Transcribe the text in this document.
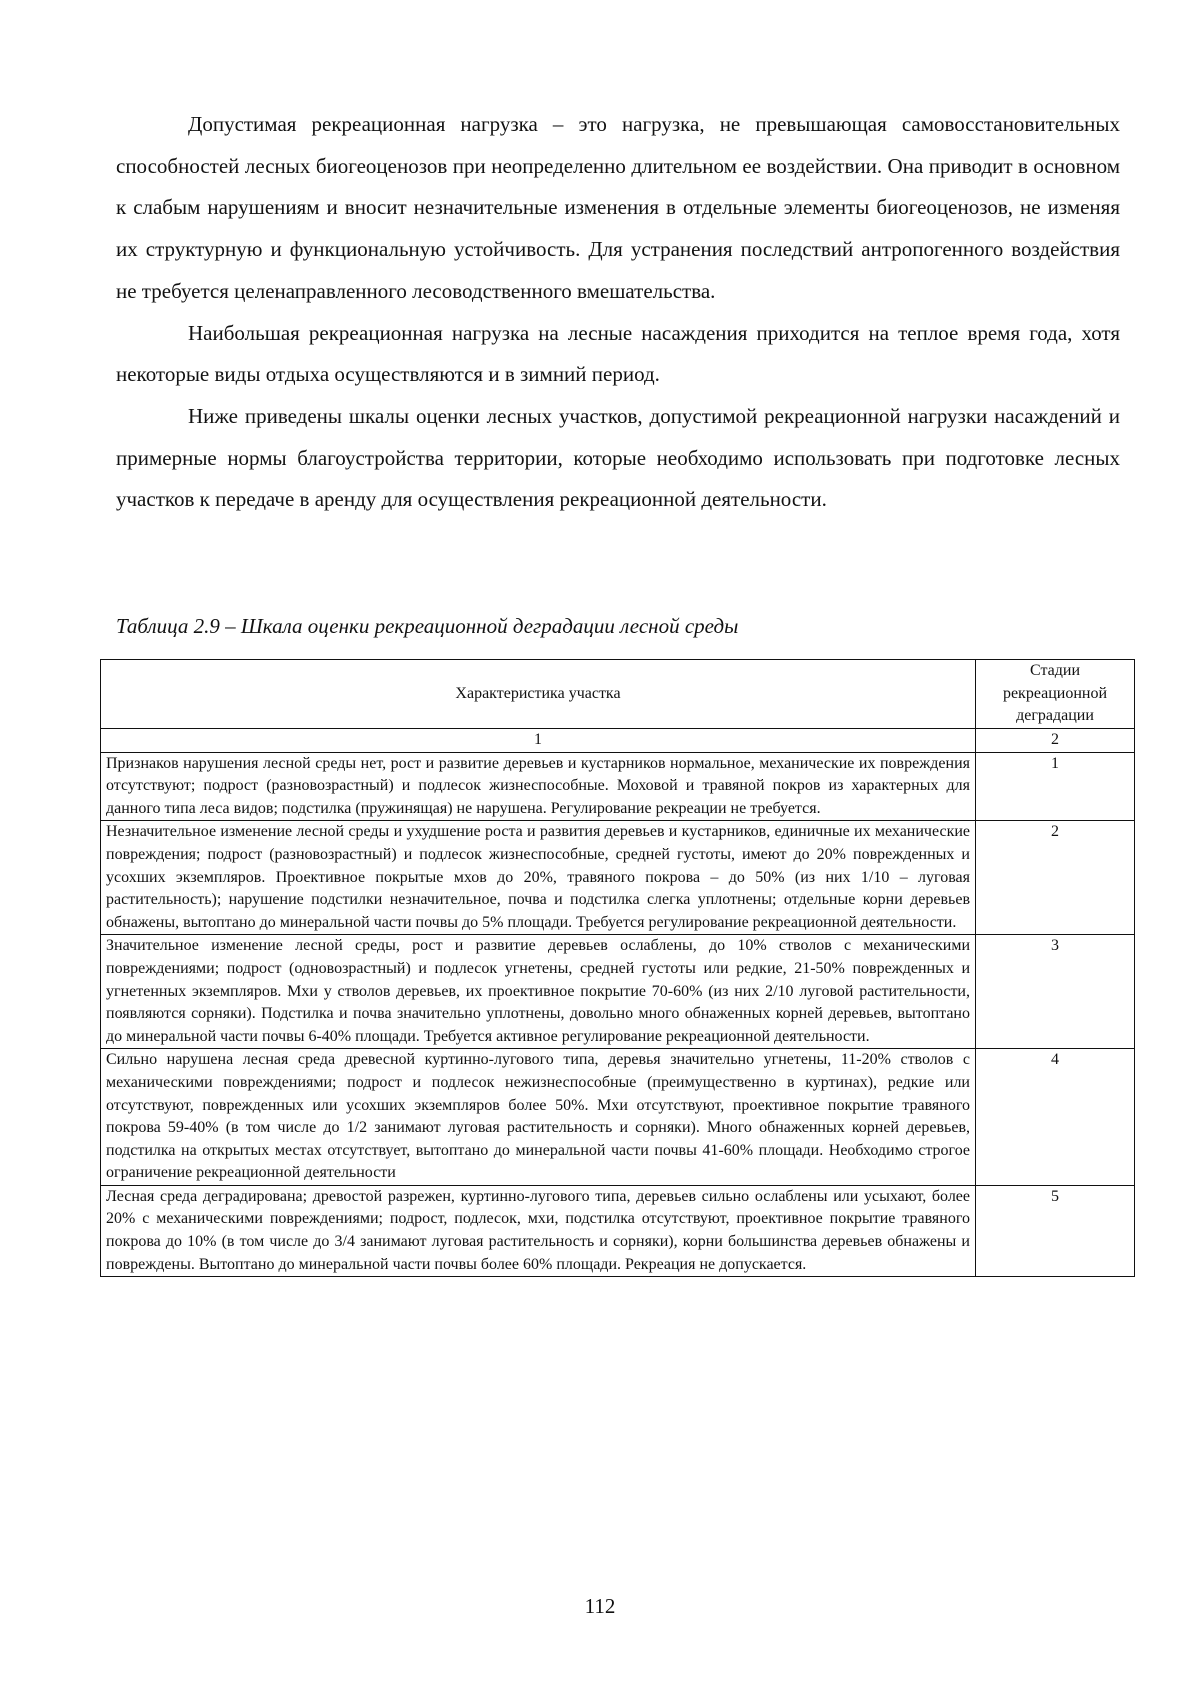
Допустимая рекреационная нагрузка – это нагрузка, не превышающая самовосстановительных способностей лесных биогеоценозов при неопределенно длительном ее воздействии. Она приводит в основном к слабым нарушениям и вносит незначительные изменения в отдельные элементы биогеоценозов, не изменяя их структурную и функциональную устойчивость. Для устранения последствий антропогенного воздействия не требуется целенаправленного лесоводственного вмешательства.

Наибольшая рекреационная нагрузка на лесные насаждения приходится на теплое время года, хотя некоторые виды отдыха осуществляются и в зимний период.

Ниже приведены шкалы оценки лесных участков, допустимой рекреационной нагрузки насаждений и примерные нормы благоустройства территории, которые необходимо использовать при подготовке лесных участков к передаче в аренду для осуществления рекреационной деятельности.

Таблица 2.9 – Шкала оценки рекреационной деградации лесной среды

Характеристика участка	Стадии рекреационной деградации
1	2
Признаков нарушения лесной среды нет, рост и развитие деревьев и кустарников нормальное, механические их повреждения отсутствуют; подрост (разновозрастный) и подлесок жизнеспособные. Моховой и травяной покров из характерных для данного типа леса видов; подстилка (пружинящая) не нарушена. Регулирование рекреации не требуется.	1
Незначительное изменение лесной среды и ухудшение роста и развития деревьев и кустарников, единичные их механические повреждения; подрост (разновозрастный) и подлесок жизнеспособные, средней густоты, имеют до 20% поврежденных и усохших экземпляров. Проективное покрытые мхов до 20%, травяного покрова – до 50% (из них 1/10 – луговая растительность); нарушение подстилки незначительное, почва и подстилка слегка уплотнены; отдельные корни деревьев обнажены, вытоптано до минеральной части почвы до 5% площади. Требуется регулирование рекреационной деятельности.	2
Значительное изменение лесной среды, рост и развитие деревьев ослаблены, до 10% стволов с механическими повреждениями; подрост (одновозрастный) и подлесок угнетены, средней густоты или редкие, 21-50% поврежденных и угнетенных экземпляров. Мхи у стволов деревьев, их проективное покрытие 70-60% (из них 2/10 луговой растительности, появляются сорняки). Подстилка и почва значительно уплотнены, довольно много обнаженных корней деревьев, вытоптано до минеральной части почвы 6-40% площади. Требуется активное регулирование рекреационной деятельности.	3
Сильно нарушена лесная среда древесной куртинно-лугового типа, деревья значительно угнетены, 11-20% стволов с механическими повреждениями; подрост и подлесок нежизнеспособные (преимущественно в куртинах), редкие или отсутствуют, поврежденных или усохших экземпляров более 50%. Мхи отсутствуют, проективное покрытие травяного покрова 59-40% (в том числе до 1/2 занимают луговая растительность и сорняки). Много обнаженных корней деревьев, подстилка на открытых местах отсутствует, вытоптано до минеральной части почвы 41-60% площади. Необходимо строгое ограничение рекреационной деятельности	4
Лесная среда деградирована; древостой разрежен, куртинно-лугового типа, деревьев сильно ослаблены или усыхают, более 20% с механическими повреждениями; подрост, подлесок, мхи, подстилка отсутствуют, проективное покрытие травяного покрова до 10% (в том числе до 3/4 занимают луговая растительность и сорняки), корни большинства деревьев обнажены и повреждены. Вытоптано до минеральной части почвы более 60% площади. Рекреация не допускается.	5
112
